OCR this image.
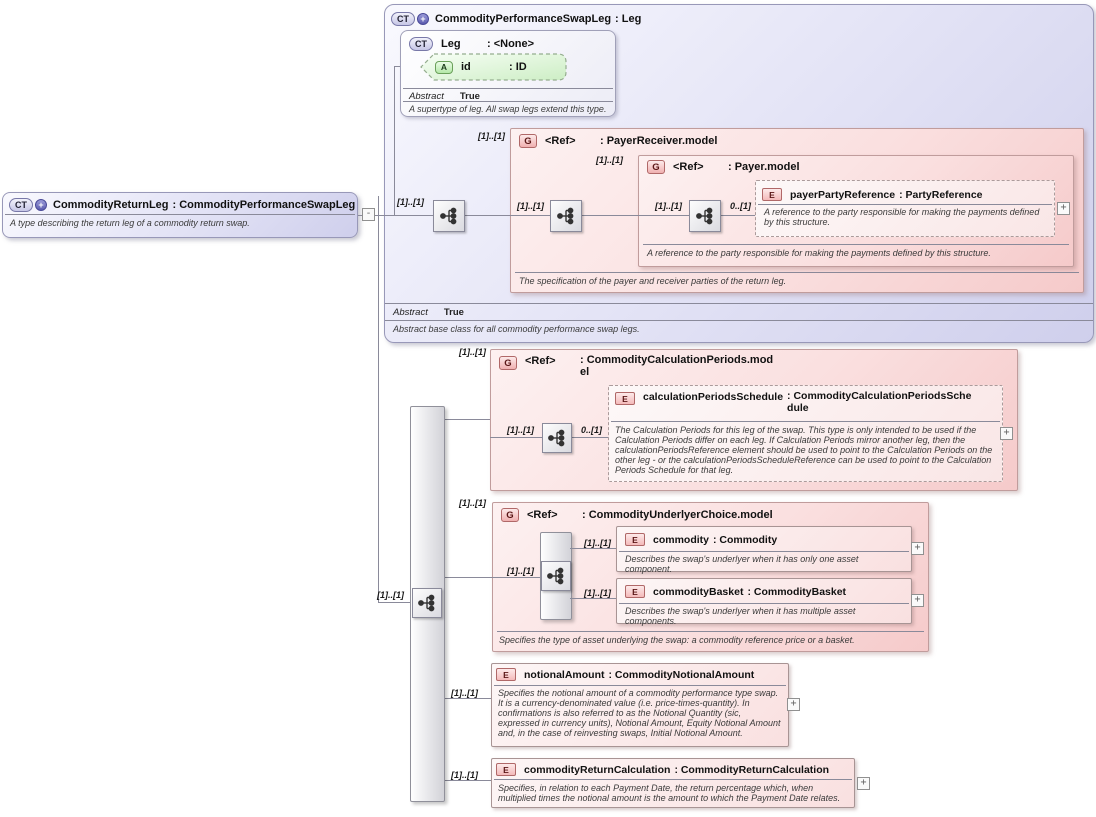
CT	+ CommodityPerformanceSwapLeg : Leg
Abstract True
Abstract base class for all commodity performance swap legs.
CT	+ CommodityReturnLeg : CommodityPerformanceSwapLeg
A type describing the return leg of a commodity return swap.
CT	Leg	: <None>
A	id	: ID
Abstract True
A supertype of leg. All swap legs extend this type.
G	<Ref>	: PayerReceiver.model
The specification of the payer and receiver parties of the return leg.
G	<Ref>	: Payer.model
A reference to the party responsible for making the payments defined by this structure.
E	payerPartyReference : PartyReference
A reference to the party responsible for making the payments defined by this structure.
G	<Ref>	: CommodityCalculationPeriods.model
E	calculationPeriodsSchedule : CommodityCalculationPeriodsSchedule
The Calculation Periods for this leg of the swap. This type is only intended to be used if the Calculation Periods differ on each leg. If Calculation Periods mirror another leg, then the calculationPeriodsReference element should be used to point to the Calculation Periods on the other leg - or the calculationPeriodsScheduleReference can be used to point to the Calculation Periods Schedule for that leg.
G	<Ref>	: CommodityUnderlyerChoice.model
Specifies the type of asset underlying the swap: a commodity reference price or a basket.
E	commodity : Commodity
Describes the swap's underlyer when it has only one asset component.
E	commodityBasket : CommodityBasket
Describes the swap's underlyer when it has multiple asset components.
E	notionalAmount : CommodityNotionalAmount
Specifies the notional amount of a commodity performance type swap. It is a currency-denominated value (i.e. price-times-quantity). In confirmations is also referred to as the Notional Quantity (sic, expressed in currency units), Notional Amount, Equity Notional Amount and, in the case of reinvesting swaps, Initial Notional Amount.
E	commodityReturnCalculation : CommodityReturnCalculation
Specifies, in relation to each Payment Date, the return percentage which, when multiplied times the notional amount is the amount to which the Payment Date relates.
[1]..[1]
[1]..[1]
[1]..[1]
[1]..[1]
[1]..[1]	0..[1]
[1]..[1]
[1]..[1]	0..[1]
[1]..[1]
[1]..[1]
[1]..[1]
[1]..[1]
[1]..[1]
[1]..[1]
[1]..[1]
-
+
+
+
+
+
+
